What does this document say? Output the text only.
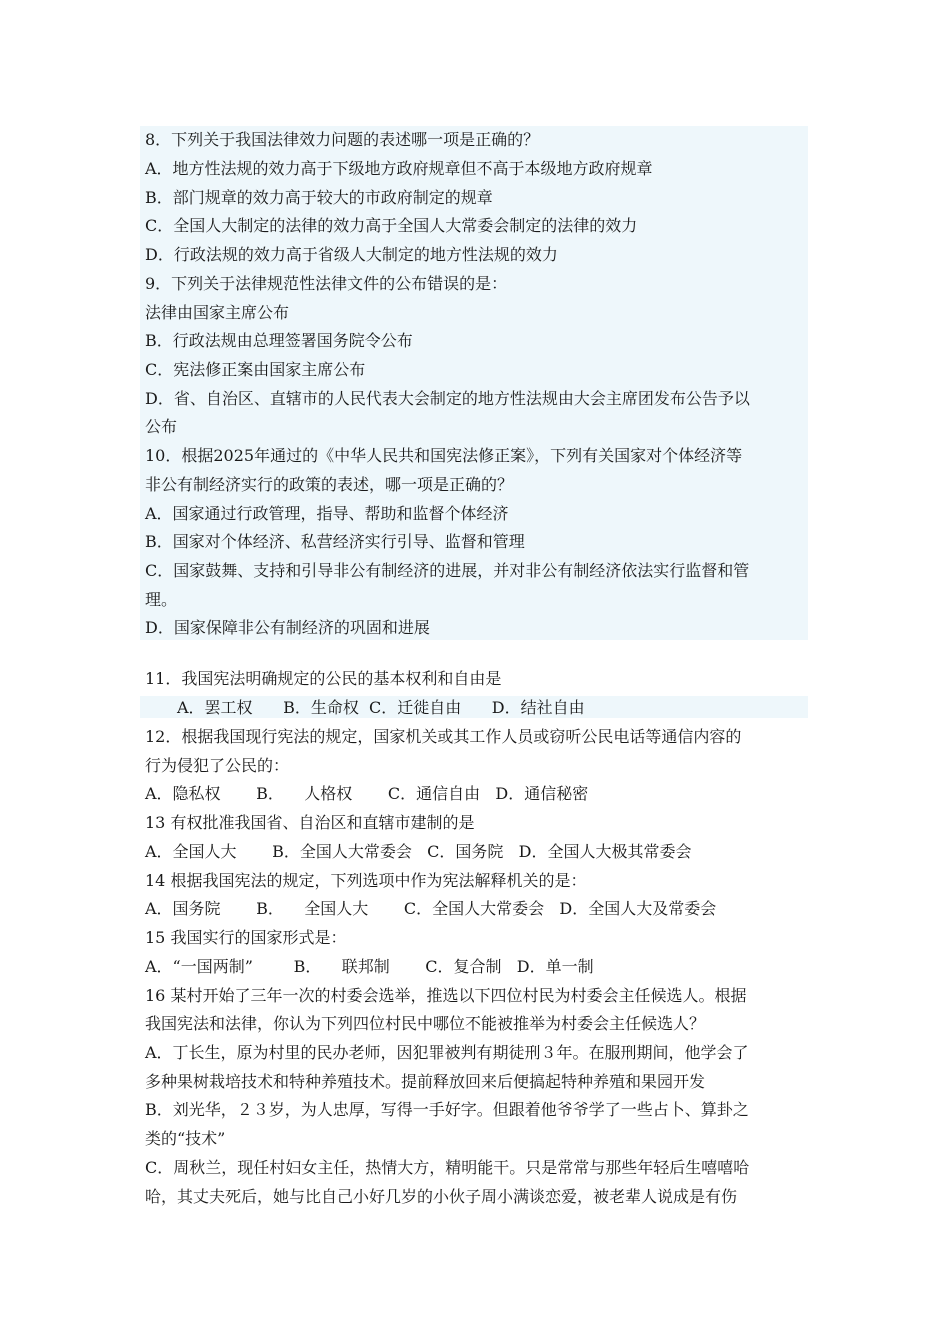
8．下列关于我国法律效力问题的表述哪一项是正确的？
A．地方性法规的效力高于下级地方政府规章但不高于本级地方政府规章
B．部门规章的效力高于较大的市政府制定的规章
C．全国人大制定的法律的效力高于全国人大常委会制定的法律的效力
D．行政法规的效力高于省级人大制定的地方性法规的效力
9．下列关于法律规范性法律文件的公布错误的是：
法律由国家主席公布
B．行政法规由总理签署国务院令公布
C．宪法修正案由国家主席公布
D．省、自治区、直辖市的人民代表大会制定的地方性法规由大会主席团发布公告予以
公布
10．根据2025年通过的《中华人民共和国宪法修正案》，下列有关国家对个体经济等
非公有制经济实行的政策的表述，哪一项是正确的？
A．国家通过行政管理，指导、帮助和监督个体经济
B．国家对个体经济、私营经济实行引导、监督和管理
C．国家鼓舞、支持和引导非公有制经济的进展，并对非公有制经济依法实行监督和管
理。
D．国家保障非公有制经济的巩固和进展
11．我国宪法明确规定的公民的基本权利和自由是
A．罢工权      B．生命权  C．迁徙自由      D．结社自由
12．根据我国现行宪法的规定，国家机关或其工作人员或窃听公民电话等通信内容的
行为侵犯了公民的：
A．隐私权       B．    人格权       C．通信自由   D．通信秘密
13 有权批准我国省、自治区和直辖市建制的是
A．全国人大       B．全国人大常委会   C．国务院   D．全国人大极其常委会
14 根据我国宪法的规定，下列选项中作为宪法解释机关的是：
A．国务院       B．    全国人大       C．全国人大常委会   D．全国人大及常委会
15 我国实行的国家形式是：
A．“一国两制”        B．    联邦制       C．复合制   D．单一制
16 某村开始了三年一次的村委会选举，推选以下四位村民为村委会主任候选人。根据
我国宪法和法律，你认为下列四位村民中哪位不能被推举为村委会主任候选人？
A．丁长生，原为村里的民办老师，因犯罪被判有期徒刑３年。在服刑期间，他学会了
多种果树栽培技术和特种养殖技术。提前释放回来后便搞起特种养殖和果园开发
B．刘光华，２３岁，为人忠厚，写得一手好字。但跟着他爷爷学了一些占卜、算卦之
类的“技术”
C．周秋兰，现任村妇女主任，热情大方，精明能干。只是常常与那些年轻后生嘻嘻哈
哈，其丈夫死后，她与比自己小好几岁的小伙子周小满谈恋爱，被老辈人说成是有伤
